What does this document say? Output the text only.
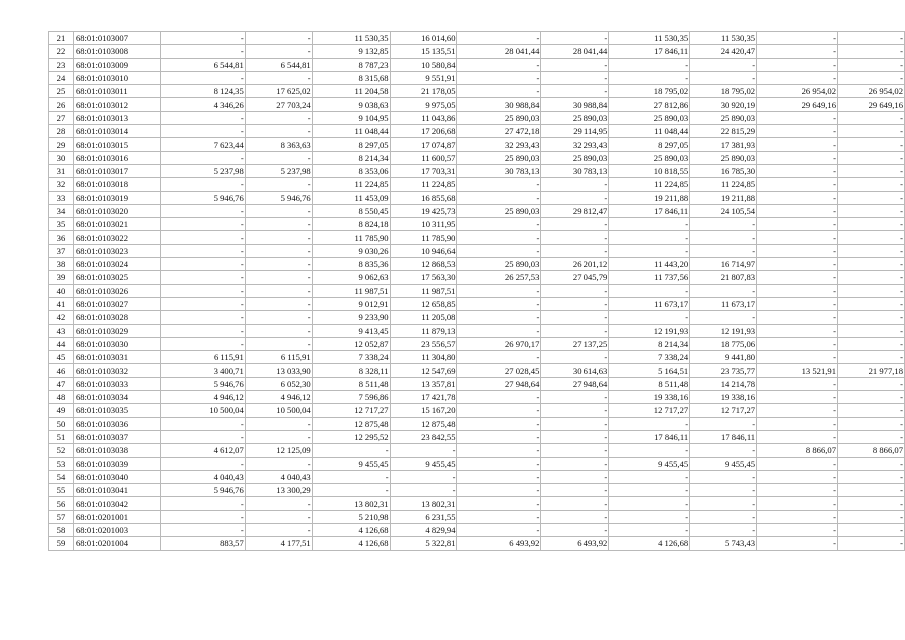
21	68:01:0103007	-	-	11 530,35	16 014,60	-	-	11 530,35	11 530,35	-	-
22	68:01:0103008	-	-	9 132,85	15 135,51	28 041,44	28 041,44	17 846,11	24 420,47	-	-
23	68:01:0103009	6 544,81	6 544,81	8 787,23	10 580,84	-	-	-	-	-	-
24	68:01:0103010	-	-	8 315,68	9 551,91	-	-	-	-	-	-
25	68:01:0103011	8 124,35	17 625,02	11 204,58	21 178,05	-	-	18 795,02	18 795,02	26 954,02	26 954,02
26	68:01:0103012	4 346,26	27 703,24	9 038,63	9 975,05	30 988,84	30 988,84	27 812,86	30 920,19	29 649,16	29 649,16
27	68:01:0103013	-	-	9 104,95	11 043,86	25 890,03	25 890,03	25 890,03	25 890,03	-	-
28	68:01:0103014	-	-	11 048,44	17 206,68	27 472,18	29 114,95	11 048,44	22 815,29	-	-
29	68:01:0103015	7 623,44	8 363,63	8 297,05	17 074,87	32 293,43	32 293,43	8 297,05	17 381,93	-	-
30	68:01:0103016	-	-	8 214,34	11 600,57	25 890,03	25 890,03	25 890,03	25 890,03	-	-
31	68:01:0103017	5 237,98	5 237,98	8 353,06	17 703,31	30 783,13	30 783,13	10 818,55	16 785,30	-	-
32	68:01:0103018	-	-	11 224,85	11 224,85	-	-	11 224,85	11 224,85	-	-
33	68:01:0103019	5 946,76	5 946,76	11 453,09	16 855,68	-	-	19 211,88	19 211,88	-	-
34	68:01:0103020	-	-	8 550,45	19 425,73	25 890,03	29 812,47	17 846,11	24 105,54	-	-
35	68:01:0103021	-	-	8 824,18	10 311,95	-	-	-	-	-	-
36	68:01:0103022	-	-	11 785,90	11 785,90	-	-	-	-	-	-
37	68:01:0103023	-	-	9 030,26	10 946,64	-	-	-	-	-	-
38	68:01:0103024	-	-	8 835,36	12 868,53	25 890,03	26 201,12	11 443,20	16 714,97	-	-
39	68:01:0103025	-	-	9 062,63	17 563,30	26 257,53	27 045,79	11 737,56	21 807,83	-	-
40	68:01:0103026	-	-	11 987,51	11 987,51	-	-	-	-	-	-
41	68:01:0103027	-	-	9 012,91	12 658,85	-	-	11 673,17	11 673,17	-	-
42	68:01:0103028	-	-	9 233,90	11 205,08	-	-	-	-	-	-
43	68:01:0103029	-	-	9 413,45	11 879,13	-	-	12 191,93	12 191,93	-	-
44	68:01:0103030	-	-	12 052,87	23 556,57	26 970,17	27 137,25	8 214,34	18 775,06	-	-
45	68:01:0103031	6 115,91	6 115,91	7 338,24	11 304,80	-	-	7 338,24	9 441,80	-	-
46	68:01:0103032	3 400,71	13 033,90	8 328,11	12 547,69	27 028,45	30 614,63	5 164,51	23 735,77	13 521,91	21 977,18
47	68:01:0103033	5 946,76	6 052,30	8 511,48	13 357,81	27 948,64	27 948,64	8 511,48	14 214,78	-	-
48	68:01:0103034	4 946,12	4 946,12	7 596,86	17 421,78	-	-	19 338,16	19 338,16	-	-
49	68:01:0103035	10 500,04	10 500,04	12 717,27	15 167,20	-	-	12 717,27	12 717,27	-	-
50	68:01:0103036	-	-	12 875,48	12 875,48	-	-	-	-	-	-
51	68:01:0103037	-	-	12 295,52	23 842,55	-	-	17 846,11	17 846,11	-	-
52	68:01:0103038	4 612,07	12 125,09	-	-	-	-	-	-	8 866,07	8 866,07
53	68:01:0103039	-	-	9 455,45	9 455,45	-	-	9 455,45	9 455,45	-	-
54	68:01:0103040	4 040,43	4 040,43	-	-	-	-	-	-	-	-
55	68:01:0103041	5 946,76	13 300,29	-	-	-	-	-	-	-	-
56	68:01:0103042	-	-	13 802,31	13 802,31	-	-	-	-	-	-
57	68:01:0201001	-	-	5 210,98	6 231,55	-	-	-	-	-	-
58	68:01:0201003	-	-	4 126,68	4 829,94	-	-	-	-	-	-
59	68:01:0201004	883,57	4 177,51	4 126,68	5 322,81	6 493,92	6 493,92	4 126,68	5 743,43	-	-
